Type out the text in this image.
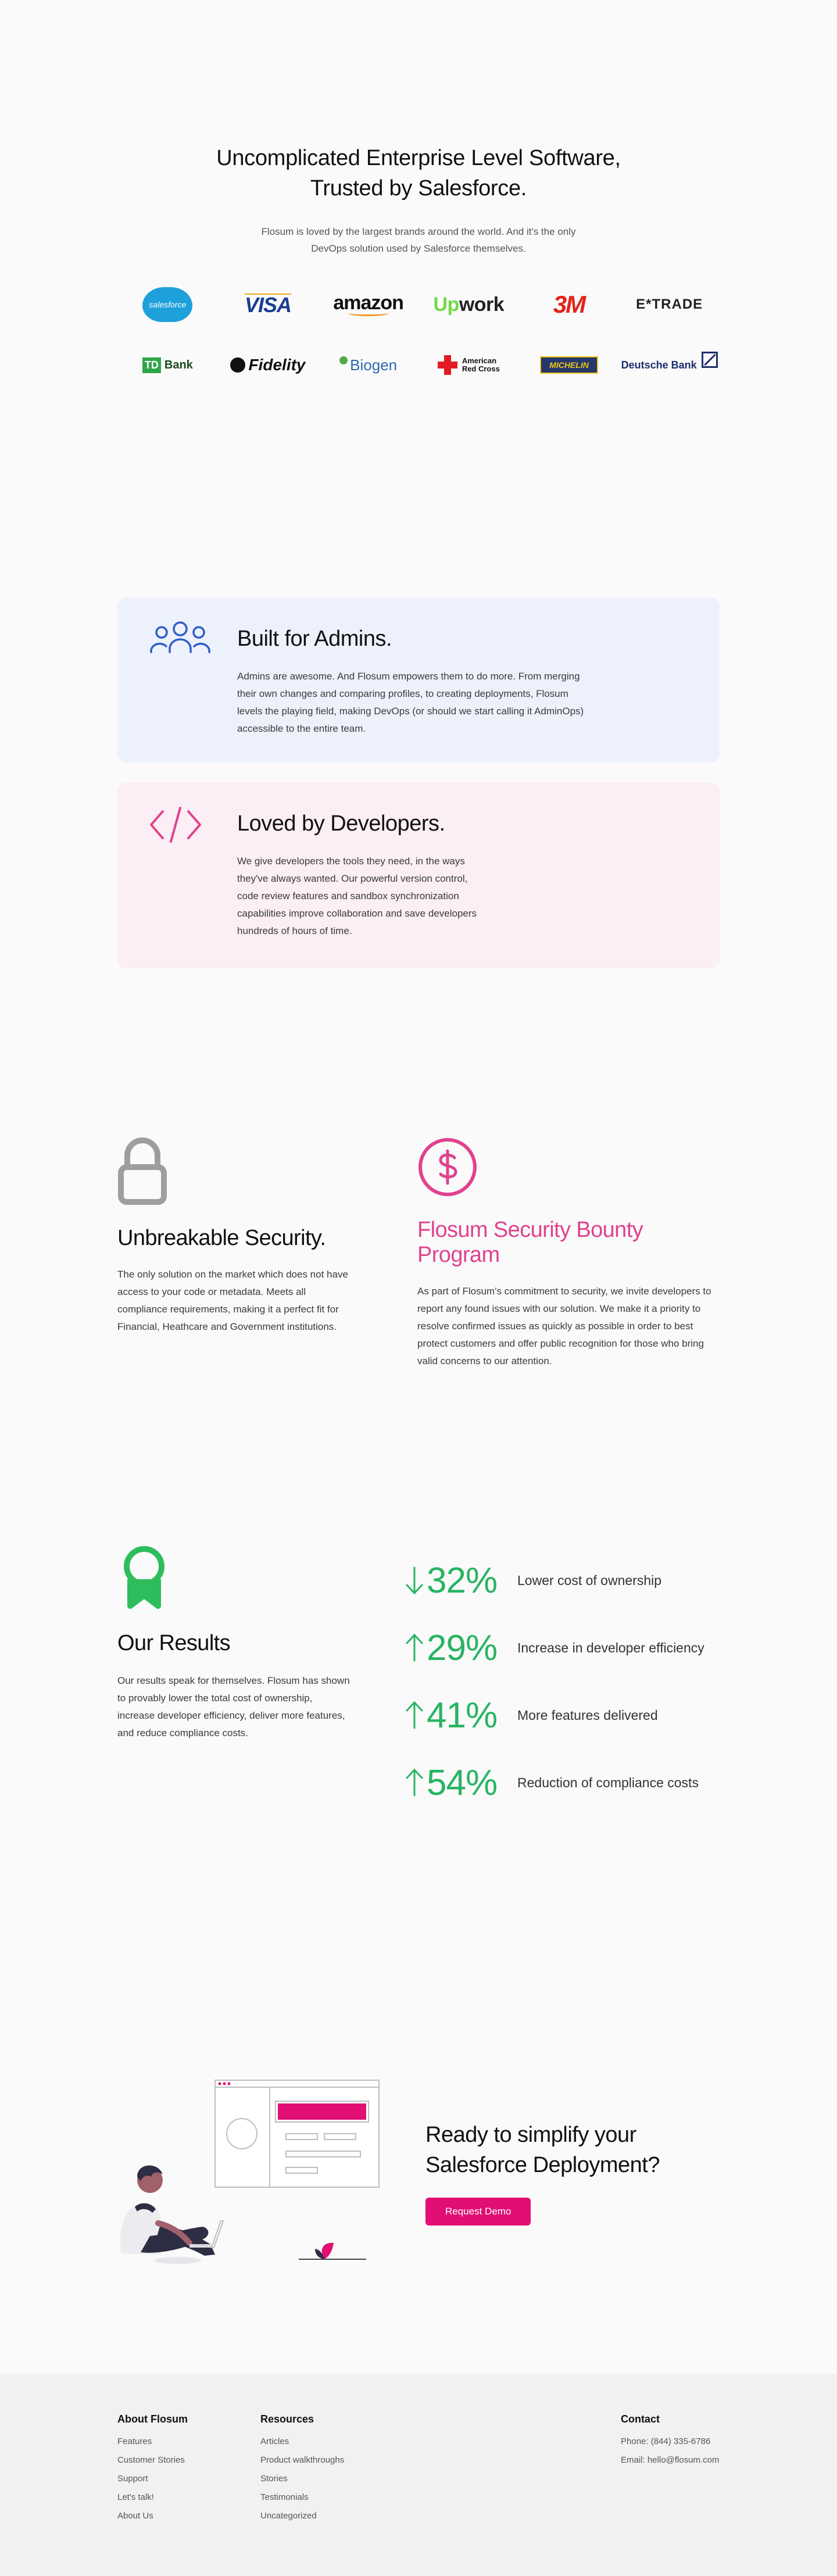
Uncomplicated Enterprise Level Software, Trusted by Salesforce.

Flosum is loved by the largest brands around the world. And it's the only DevOps solution used by Salesforce themselves.

salesforce	VISA amazon Up work 3M	E*TRADE
TD Bank	Fidelity	Biogen	American
Red Cross	MICHELIN	Deutsche Bank
Built for Admins.

Admins are awesome. And Flosum empowers them to do more. From merging their own changes and comparing profiles, to creating deployments, Flosum levels the playing field, making DevOps (or should we start calling it AdminOps) accessible to the entire team.

Loved by Developers.

We give developers the tools they need, in the ways they've always wanted. Our powerful version control, code review features and sandbox synchronization capabilities improve collaboration and save developers hundreds of hours of time.

Unbreakable Security.

The only solution on the market which does not have access to your code or metadata. Meets all compliance requirements, making it a perfect fit for Financial, Heathcare and Government institutions.

Flosum Security Bounty Program

As part of Flosum's commitment to security, we invite developers to report any found issues with our solution. We make it a priority to resolve confirmed issues as quickly as possible in order to best protect customers and offer public recognition for those who bring valid concerns to our attention.

Our Results

Our results speak for themselves. Flosum has shown to provably lower the total cost of ownership, increase developer efficiency, deliver more features, and reduce compliance costs.

32%	Lower cost of ownership
29%	Increase in developer efficiency
41%	More features delivered
54%	Reduction of compliance costs
Ready to simplify your Salesforce Deployment?
Request Demo
About Flosum
Features
Customer Stories
Support
Let's talk!
About Us
Resources
Articles
Product walkthroughs
Stories
Testimonials
Uncategorized
Contact
Phone: (844) 335-6786
Email: hello@flosum.com
